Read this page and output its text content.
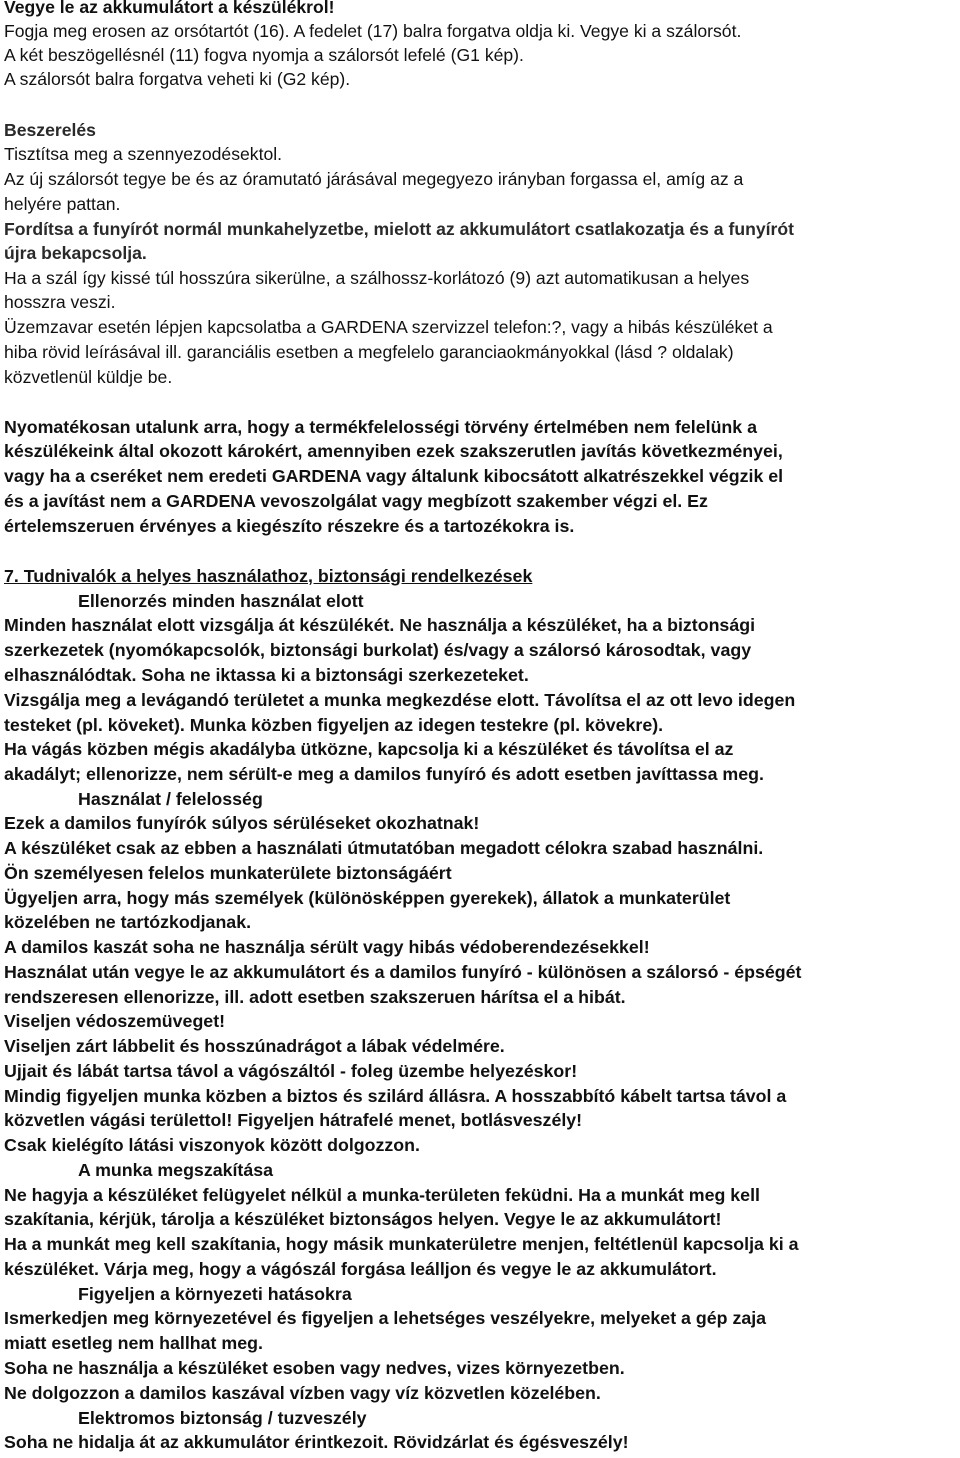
Vegye le az akkumulátort a készülékrol!
Fogja meg erosen az orsótartót (16). A fedelet (17) balra forgatva oldja ki. Vegye ki a szálorsót.
A két beszögellésnél (11) fogva nyomja a szálorsót lefelé (G1 kép).
A szálorsót balra forgatva veheti ki (G2 kép).
Beszerelés
Tisztítsa meg a szennyezodésektol.
Az új szálorsót tegye be és az óramutató járásával megegyezo irányban forgassa el, amíg az a
helyére pattan.
Fordítsa a funyírót normál munkahelyzetbe, mielott az akkumulátort csatlakozatja és a funyírót
újra bekapcsolja.
Ha a szál így kissé túl hosszúra sikerülne, a szálhossz-korlátozó (9) azt automatikusan a helyes
hosszra veszi.
Üzemzavar esetén lépjen kapcsolatba a GARDENA szervizzel telefon:?, vagy a hibás készüléket a
hiba rövid leírásával ill. garanciális esetben a megfelelo garanciaokmányokkal (lásd ? oldalak)
közvetlenül küldje be.
Nyomatékosan utalunk arra, hogy a termékfelelosségi törvény értelmében nem felelünk a
készülékeink által okozott károkért, amennyiben ezek szakszerutlen javítás következményei,
vagy ha a cseréket nem eredeti GARDENA vagy általunk kibocsátott alkatrészekkel végzik el
és a javítást nem a GARDENA vevoszolgálat vagy megbízott szakember végzi el. Ez
értelemszeruen érvényes a kiegészíto részekre és a tartozékokra is.
7. Tudnivalók a helyes használathoz, biztonsági rendelkezések
Ellenorzés minden használat elott
Minden használat elott vizsgálja át készülékét. Ne használja a készüléket, ha a biztonsági
szerkezetek (nyomókapcsolók, biztonsági burkolat) és/vagy a szálorsó károsodtak, vagy
elhasználódtak. Soha ne iktassa ki a biztonsági szerkezeteket.
Vizsgálja meg a levágandó területet a munka megkezdése elott. Távolítsa el az ott levo idegen
testeket (pl. köveket). Munka közben figyeljen az idegen testekre (pl. kövekre).
Ha vágás közben mégis akadályba ütközne, kapcsolja ki a készüléket és távolítsa el az
akadályt; ellenorizze, nem sérült-e meg a damilos funyíró és adott esetben javíttassa meg.
Használat / felelosség
Ezek a damilos funyírók súlyos sérüléseket okozhatnak!
A készüléket csak az ebben a használati útmutatóban megadott célokra szabad használni.
Ön személyesen felelos munkaterülete biztonságáért
Ügyeljen arra, hogy más személyek (különösképpen gyerekek), állatok a munkaterület
közelében ne tartózkodjanak.
A damilos kaszát soha ne használja sérült vagy hibás védoberendezésekkel!
Használat után vegye le az akkumulátort és a damilos funyíró - különösen a szálorsó - épségét
rendszeresen ellenorizze, ill. adott esetben szakszeruen hárítsa el a hibát.
Viseljen védoszemüveget!
Viseljen zárt lábbelit és hosszúnadrágot a lábak védelmére.
Ujjait és lábát tartsa távol a vágószáltól - foleg üzembe helyezéskor!
Mindig figyeljen munka közben a biztos és szilárd állásra. A hosszabbító kábelt tartsa távol a
közvetlen vágási területtol! Figyeljen hátrafelé menet, botlásveszély!
Csak kielégíto látási viszonyok között dolgozzon.
A munka megszakítása
Ne hagyja a készüléket felügyelet nélkül a munka-területen feküdni. Ha a munkát meg kell
szakítania, kérjük, tárolja a készüléket biztonságos helyen. Vegye le az akkumulátort!
Ha a munkát meg kell szakítania, hogy másik munkaterületre menjen, feltétlenül kapcsolja ki a
készüléket. Várja meg, hogy a vágószál forgása leálljon és vegye le az akkumulátort.
Figyeljen a környezeti hatásokra
Ismerkedjen meg környezetével és figyeljen a lehetséges veszélyekre, melyeket a gép zaja
miatt esetleg nem hallhat meg.
Soha ne használja a készüléket esoben vagy nedves, vizes környezetben.
Ne dolgozzon a damilos kaszával vízben vagy víz közvetlen közelében.
Elektromos biztonság / tuzveszély
Soha ne hidalja át az akkumulátor érintkezoit. Rövidzárlat és égésveszély!
